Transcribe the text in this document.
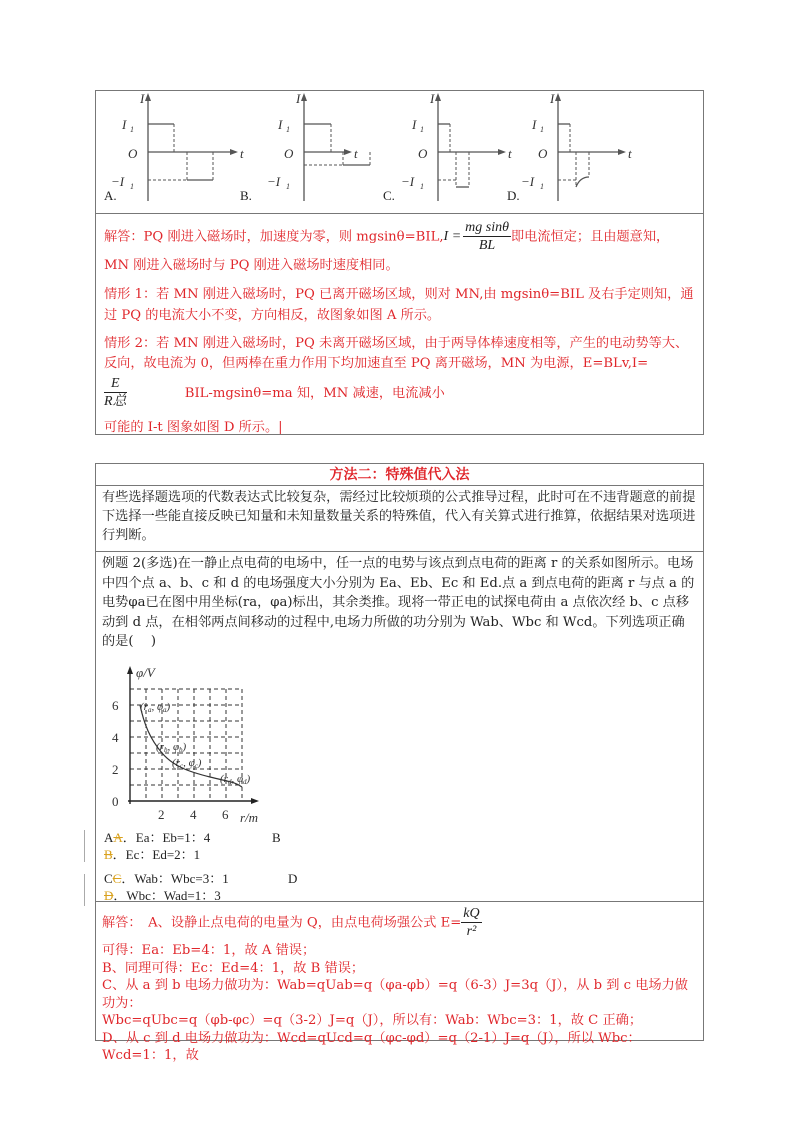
I
I 1
O
−I 1
t
A.
I
I 1
O
−I 1
t
B.
I
I 1
O
−I 1
t
C.
I
I 1
O
−I 1
t
D.
解答：PQ 刚进入磁场时，加速度为零，则 $mgsin\theta=BIL,I = \frac{\text{mg sinθ}}{BL}$ 即电流恒定；且由题意知，
MN 刚进入磁场时与 PQ 刚进入磁场时速度相同。
情形 1：若 MN 刚进入磁场时，PQ 已离开磁场区域，则对 MN,由 mgsinθ=BIL 及右手定则知，通过 PQ 的电流大小不变，方向相反，故图象如图 A 所示。
情形 2：若 MN 刚进入磁场时，PQ 未离开磁场区域，由于两导体棒速度相等，产生的电动势等大、反向，故电流为 0，但两棒在重力作用下均加速直至 PQ 离开磁场，MN 为电源，E=BLv,I=
$\frac{E}{\text{R总}}$	BIL-mgsinθ=ma 知，MN 减速，电流减小
可能的 I-t 图象如图 D 所示。|
方法二：特殊值代入法
有些选择题选项的代数表达式比较复杂，需经过比较烦琐的公式推导过程，此时可在不违背题意的前提下选择一些能直接反映已知量和未知量数量关系的特殊值，代入有关算式进行推算，依据结果对选项进行判断。
例题 2(多选)在一静止点电荷的电场中，任一点的电势与该点到点电荷的距离 r 的关系如图所示。电场中四个点 a、b、c 和 d 的电场强度大小分别为 Ea、Eb、Ec 和 Ed.点 a 到点电荷的距离 r 与点 a 的电势φa已在图中用坐标(ra，φa)标出，其余类推。现将一带正电的试探电荷由 a 点依次经 b、c 点移动到 d 点，在相邻两点间移动的过程中,电场力所做的功分别为 Wab、Wbc 和 Wcd。下列选项正确的是(　 )
φ/V
6
4
2
0
2 4 6 r/m
(ra, φa)
(rb, φb)
(rc, φc)
(rd, φd)
AA．Ea：Eb=1：4	B
B．Ec：Ed=2：1
CC．Wab：Wbc=3：1	D
D．Wbc：Wad=1：3
解答：　A、设静止点电荷的电量为 Q，由点电荷场强公式 $E= \frac{kQ}{\text{r²}}$
可得：Ea：Eb=4：1，故 A 错误；
B、同理可得：Ec：Ed=4：1，故 B 错误；
C、从 a 到 b 电场力做功为：Wab=qUab=q（φa-φb）=q（6-3）J=3q（J），从 b 到 c 电场力做功为：
Wbc=qUbc=q（φb-φc）=q（3-2）J=q（J），所以有：Wab：Wbc=3：1，故 C 正确；
D、从 c 到 d 电场力做功为：Wcd=qUcd=q（φc-φd）=q（2-1）J=q（J），所以 Wbc：Wcd=1：1，故
